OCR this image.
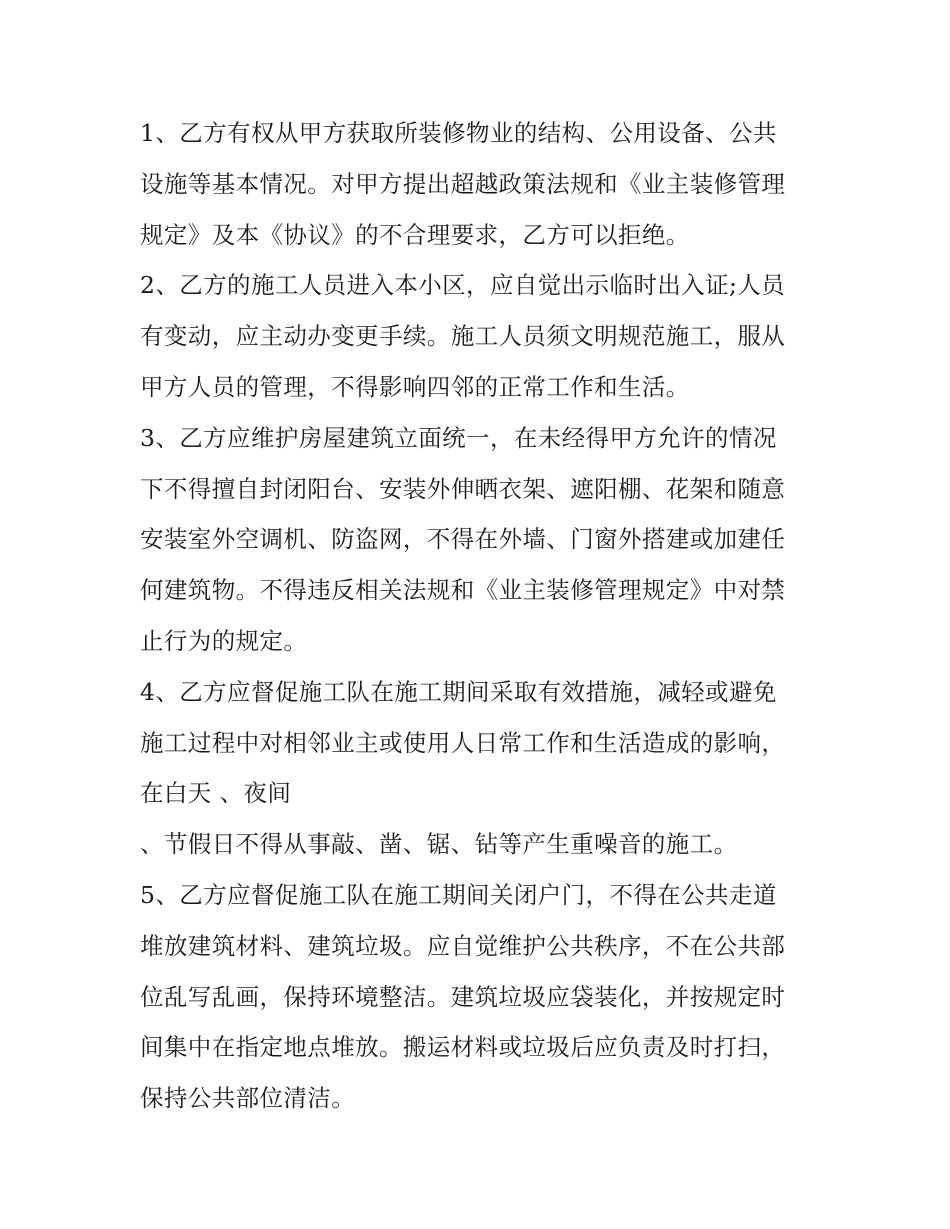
1、乙方有权从甲方获取所装修物业的结构、公用设备、公共
设施等基本情况。对甲方提出超越政策法规和《业主装修管理
规定》及本《协议》的不合理要求，乙方可以拒绝。
2、乙方的施工人员进入本小区，应自觉出示临时出入证;人员
有变动，应主动办变更手续。施工人员须文明规范施工，服从
甲方人员的管理，不得影响四邻的正常工作和生活。
3、乙方应维护房屋建筑立面统一，在未经得甲方允许的情况
下不得擅自封闭阳台、安装外伸晒衣架、遮阳棚、花架和随意
安装室外空调机、防盗网，不得在外墙、门窗外搭建或加建任
何建筑物。不得违反相关法规和《业主装修管理规定》中对禁
止行为的规定。
4、乙方应督促施工队在施工期间采取有效措施，减轻或避免
施工过程中对相邻业主或使用人日常工作和生活造成的影响，
在白天 、夜间
、节假日不得从事敲、凿、锯、钻等产生重噪音的施工。
5、乙方应督促施工队在施工期间关闭户门，不得在公共走道
堆放建筑材料、建筑垃圾。应自觉维护公共秩序，不在公共部
位乱写乱画，保持环境整洁。建筑垃圾应袋装化，并按规定时
间集中在指定地点堆放。搬运材料或垃圾后应负责及时打扫，
保持公共部位清洁。
